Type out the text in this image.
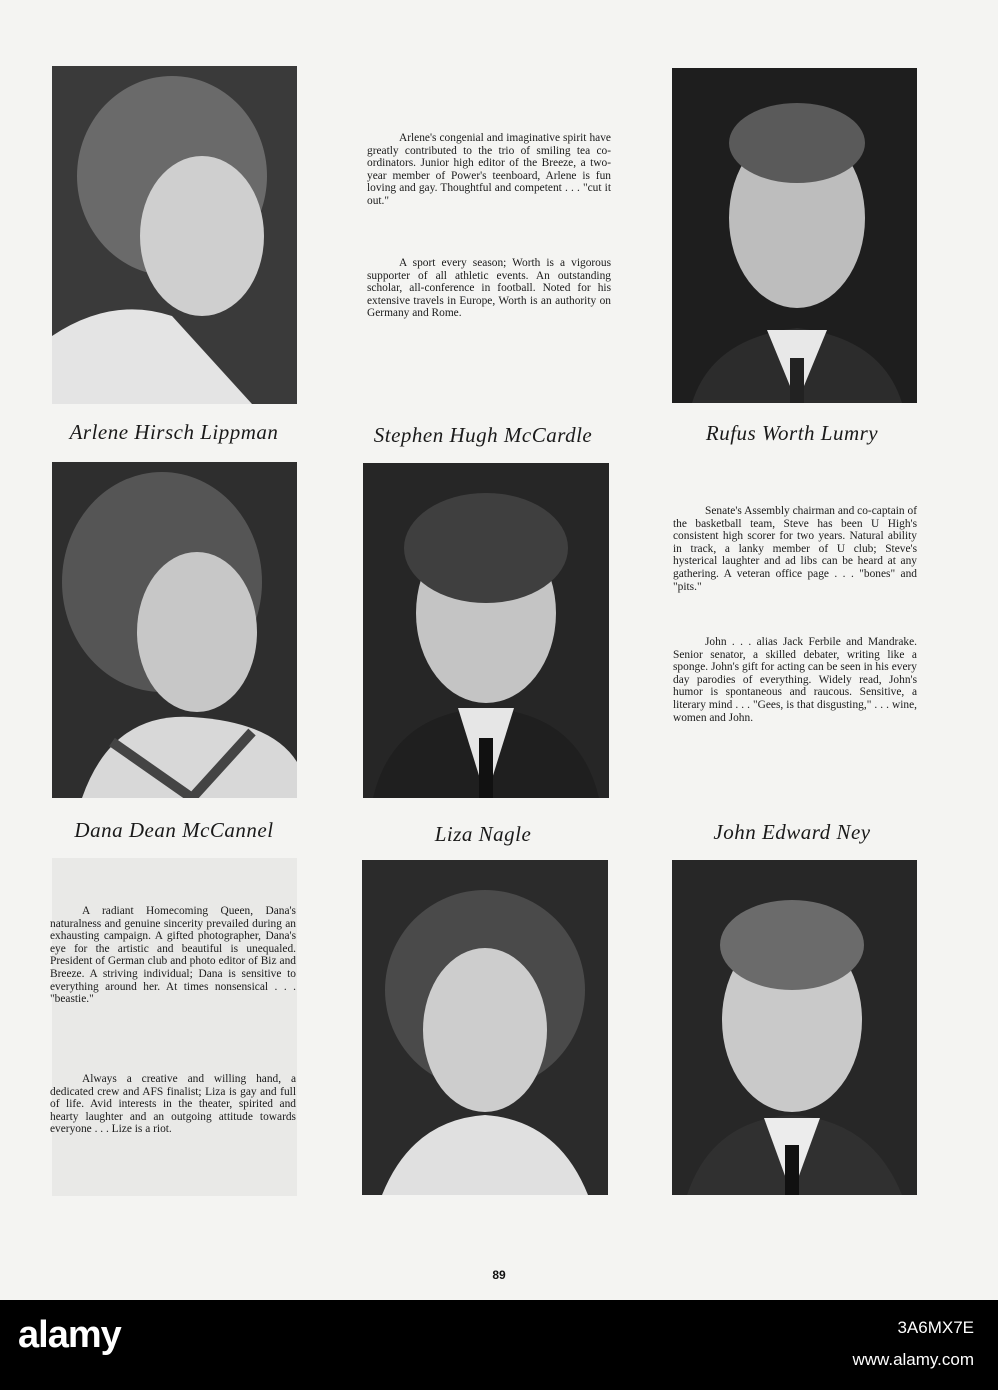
Arlene's congenial and imaginative spirit have greatly contributed to the trio of smiling tea co-ordinators. Junior high editor of the Breeze, a two-year member of Power's teenboard, Arlene is fun loving and gay. Thoughtful and competent . . . "cut it out."

A sport every season; Worth is a vigorous supporter of all athletic events. An outstanding scholar, all-conference in football. Noted for his extensive travels in Europe, Worth is an authority on Germany and Rome.

Arlene Hirsch Lippman	Stephen Hugh McCardle	Rufus Worth Lumry

Senate's Assembly chairman and co-captain of the basketball team, Steve has been U High's consistent high scorer for two years. Natural ability in track, a lanky member of U club; Steve's hysterical laughter and ad libs can be heard at any gathering. A veteran office page . . . "bones" and "pits."

John . . . alias Jack Ferbile and Mandrake. Senior senator, a skilled debater, writing like a sponge. John's gift for acting can be seen in his every day parodies of everything. Widely read, John's humor is spontaneous and raucous. Sensitive, a literary mind . . . "Gees, is that disgusting," . . . wine, women and John.

Dana Dean McCannel	Liza Nagle	John Edward Ney

A radiant Homecoming Queen, Dana's naturalness and genuine sincerity prevailed during an exhausting campaign. A gifted photographer, Dana's eye for the artistic and beautiful is unequaled. President of German club and photo editor of Biz and Breeze. A striving individual; Dana is sensitive to everything around her. At times nonsensical . . . "beastie."

Always a creative and willing hand, a dedicated crew and AFS finalist; Liza is gay and full of life. Avid interests in the theater, spirited and hearty laughter and an outgoing attitude towards everyone . . . Lize is a riot.

89
alamy	3A6MX7E
www.alamy.com
